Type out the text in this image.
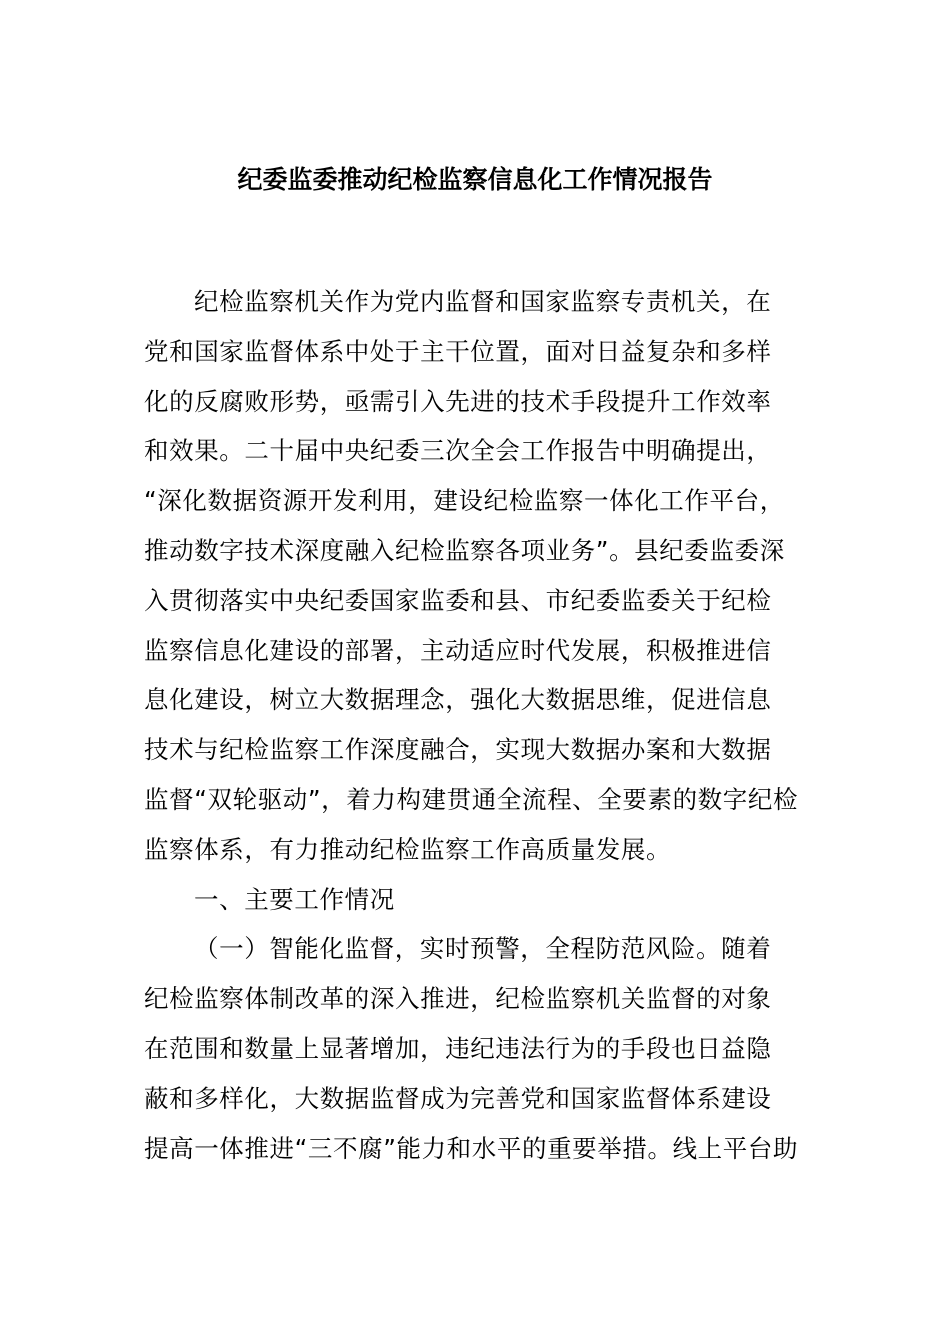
纪委监委推动纪检监察信息化工作情况报告
纪检监察机关作为党内监督和国家监察专责机关，在
党和国家监督体系中处于主干位置，面对日益复杂和多样
化的反腐败形势，亟需引入先进的技术手段提升工作效率
和效果。二十届中央纪委三次全会工作报告中明确提出，
“深化数据资源开发利用，建设纪检监察一体化工作平台，
推动数字技术深度融入纪检监察各项业务”。县纪委监委深
入贯彻落实中央纪委国家监委和县、市纪委监委关于纪检
监察信息化建设的部署，主动适应时代发展，积极推进信
息化建设，树立大数据理念，强化大数据思维，促进信息
技术与纪检监察工作深度融合，实现大数据办案和大数据
监督“双轮驱动”，着力构建贯通全流程、全要素的数字纪检
监察体系，有力推动纪检监察工作高质量发展。
一、主要工作情况
（一）智能化监督，实时预警，全程防范风险。随着
纪检监察体制改革的深入推进，纪检监察机关监督的对象
在范围和数量上显著增加，违纪违法行为的手段也日益隐
蔽和多样化，大数据监督成为完善党和国家监督体系建设
提高一体推进“三不腐”能力和水平的重要举措。线上平台助
